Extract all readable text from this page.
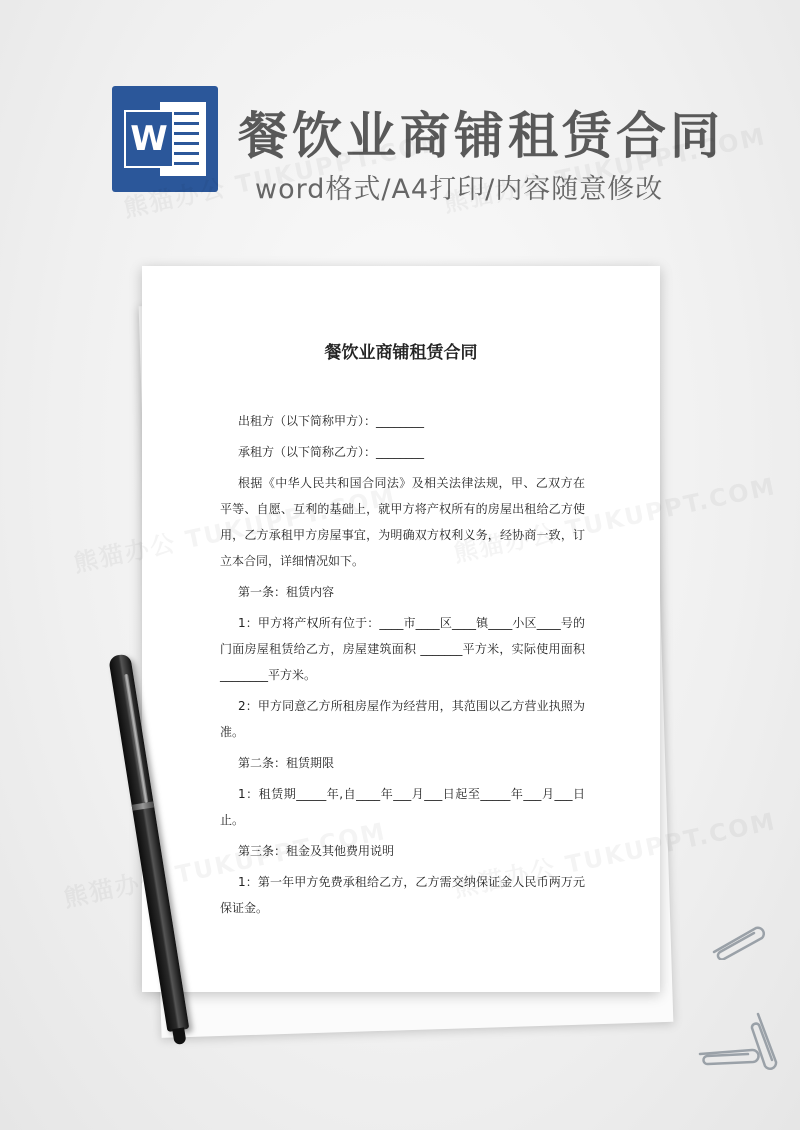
W 餐饮业商铺租赁合同
word格式/A4打印/内容随意修改
餐饮业商铺租赁合同

出租方（以下简称甲方）：________

承租方（以下简称乙方）：________

根据《中华人民共和国合同法》及相关法律法规，甲、乙双方在平等、自愿、互利的基础上，就甲方将产权所有的房屋出租给乙方使用，乙方承租甲方房屋事宜，为明确双方权利义务，经协商一致，订立本合同，详细情况如下。

第一条：租赁内容

1：甲方将产权所有位于：____市____区____镇____小区____号的门面房屋租赁给乙方，房屋建筑面积 _______平方米，实际使用面积________平方米。

2：甲方同意乙方所租房屋作为经营用，其范围以乙方营业执照为准。

第二条：租赁期限

1：租赁期_____年,自____年___月___日起至_____年___月___日止。

第三条：租金及其他费用说明

1：第一年甲方免费承租给乙方，乙方需交纳保证金人民币两万元保证金。
